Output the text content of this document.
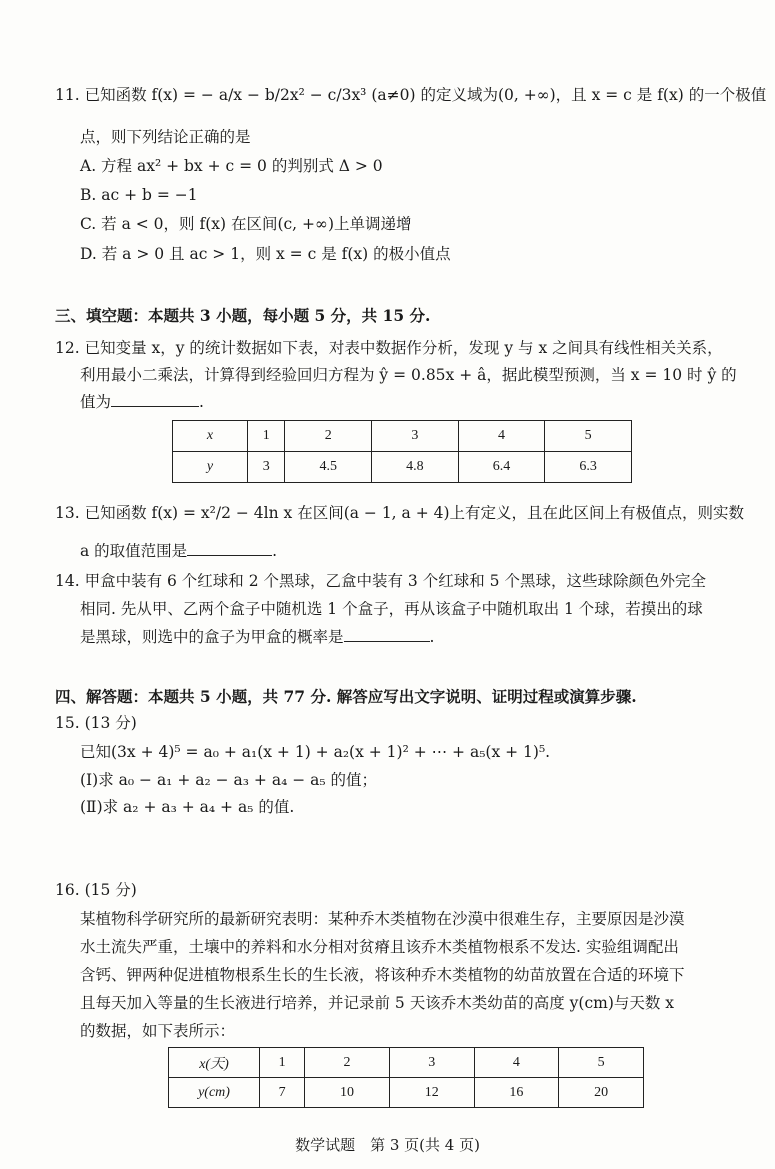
11. 已知函数 f(x) = − a/x − b/2x² − c/3x³ (a≠0) 的定义域为(0, +∞)，且 x = c 是 f(x) 的一个极值
点，则下列结论正确的是
A. 方程 ax² + bx + c = 0 的判别式 Δ > 0
B. ac + b = −1
C. 若 a < 0，则 f(x) 在区间(c, +∞)上单调递增
D. 若 a > 0 且 ac > 1，则 x = c 是 f(x) 的极小值点
三、填空题：本题共 3 小题，每小题 5 分，共 15 分.
12. 已知变量 x，y 的统计数据如下表，对表中数据作分析，发现 y 与 x 之间具有线性相关关系，
利用最小二乘法，计算得到经验回归方程为 ŷ = 0.85x + â，据此模型预测，当 x = 10 时 ŷ 的
值为	.
x	1	2	3	4	5
y	3	4.5	4.8	6.4	6.3
13. 已知函数 f(x) = x²/2 − 4ln x 在区间(a − 1, a + 4)上有定义，且在此区间上有极值点，则实数
a 的取值范围是	.
14. 甲盒中装有 6 个红球和 2 个黑球，乙盒中装有 3 个红球和 5 个黑球，这些球除颜色外完全
相同. 先从甲、乙两个盒子中随机选 1 个盒子，再从该盒子中随机取出 1 个球，若摸出的球
是黑球，则选中的盒子为甲盒的概率是	.
四、解答题：本题共 5 小题，共 77 分. 解答应写出文字说明、证明过程或演算步骤.
15. (13 分)
已知(3x + 4)⁵ = a₀ + a₁(x + 1) + a₂(x + 1)² + ⋯ + a₅(x + 1)⁵.
(Ⅰ)求 a₀ − a₁ + a₂ − a₃ + a₄ − a₅ 的值；
(Ⅱ)求 a₂ + a₃ + a₄ + a₅ 的值.
16. (15 分)
某植物科学研究所的最新研究表明：某种乔木类植物在沙漠中很难生存，主要原因是沙漠
水土流失严重，土壤中的养料和水分相对贫瘠且该乔木类植物根系不发达. 实验组调配出
含钙、钾两种促进植物根系生长的生长液，将该种乔木类植物的幼苗放置在合适的环境下
且每天加入等量的生长液进行培养，并记录前 5 天该乔木类幼苗的高度 y(cm)与天数 x
的数据，如下表所示：
x(天)	1	2	3	4	5
y(cm)	7	10	12	16	20
数学试题　第 3 页(共 4 页)
